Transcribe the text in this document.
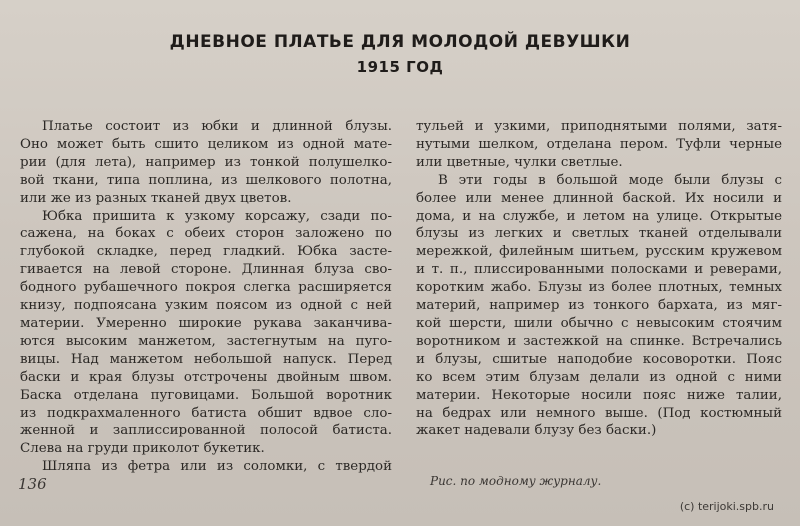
ДНЕВНОЕ ПЛАТЬЕ ДЛЯ МОЛОДОЙ ДЕВУШКИ
1915 ГОД
Платье состоит из юбки и длинной блузы.
Оно может быть сшито целиком из одной мате-
рии (для лета), например из тонкой полушелко-
вой ткани, типа поплина, из шелкового полотна,
или же из разных тканей двух цветов.
Юбка пришита к узкому корсажу, сзади по-
сажена, на боках с обеих сторон заложено по
глубокой складке, перед гладкий. Юбка засте-
гивается на левой стороне. Длинная блуза сво-
бодного рубашечного покроя слегка расширяется
книзу, подпоясана узким поясом из одной с ней
материи. Умеренно широкие рукава заканчива-
ются высоким манжетом, застегнутым на пуго-
вицы. Над манжетом небольшой напуск. Перед
баски и края блузы отстрочены двойным швом.
Баска отделана пуговицами. Большой воротник
из подкрахмаленного батиста обшит вдвое сло-
женной и заплиссированной полосой батиста.
Слева на груди приколот букетик.
Шляпа из фетра или из соломки, с твердой
тульей и узкими, приподнятыми полями, затя-
нутыми шелком, отделана пером. Туфли черные
или цветные, чулки светлые.
В эти годы в большой моде были блузы с
более или менее длинной баской. Их носили и
дома, и на службе, и летом на улице. Открытые
блузы из легких и светлых тканей отделывали
мережкой, филейным шитьем, русским кружевом
и т. п., плиссированными полосками и реверами,
коротким жабо. Блузы из более плотных, темных
материй, например из тонкого бархата, из мяг-
кой шерсти, шили обычно с невысоким стоячим
воротником и застежкой на спинке. Встречались
и блузы, сшитые наподобие косоворотки. Пояс
ко всем этим блузам делали из одной с ними
материи. Некоторые носили пояс ниже талии,
на бедрах или немного выше. (Под костюмный
жакет надевали блузу без баски.)
Рис. по модному журналу.
136
(c) terijoki.spb.ru
